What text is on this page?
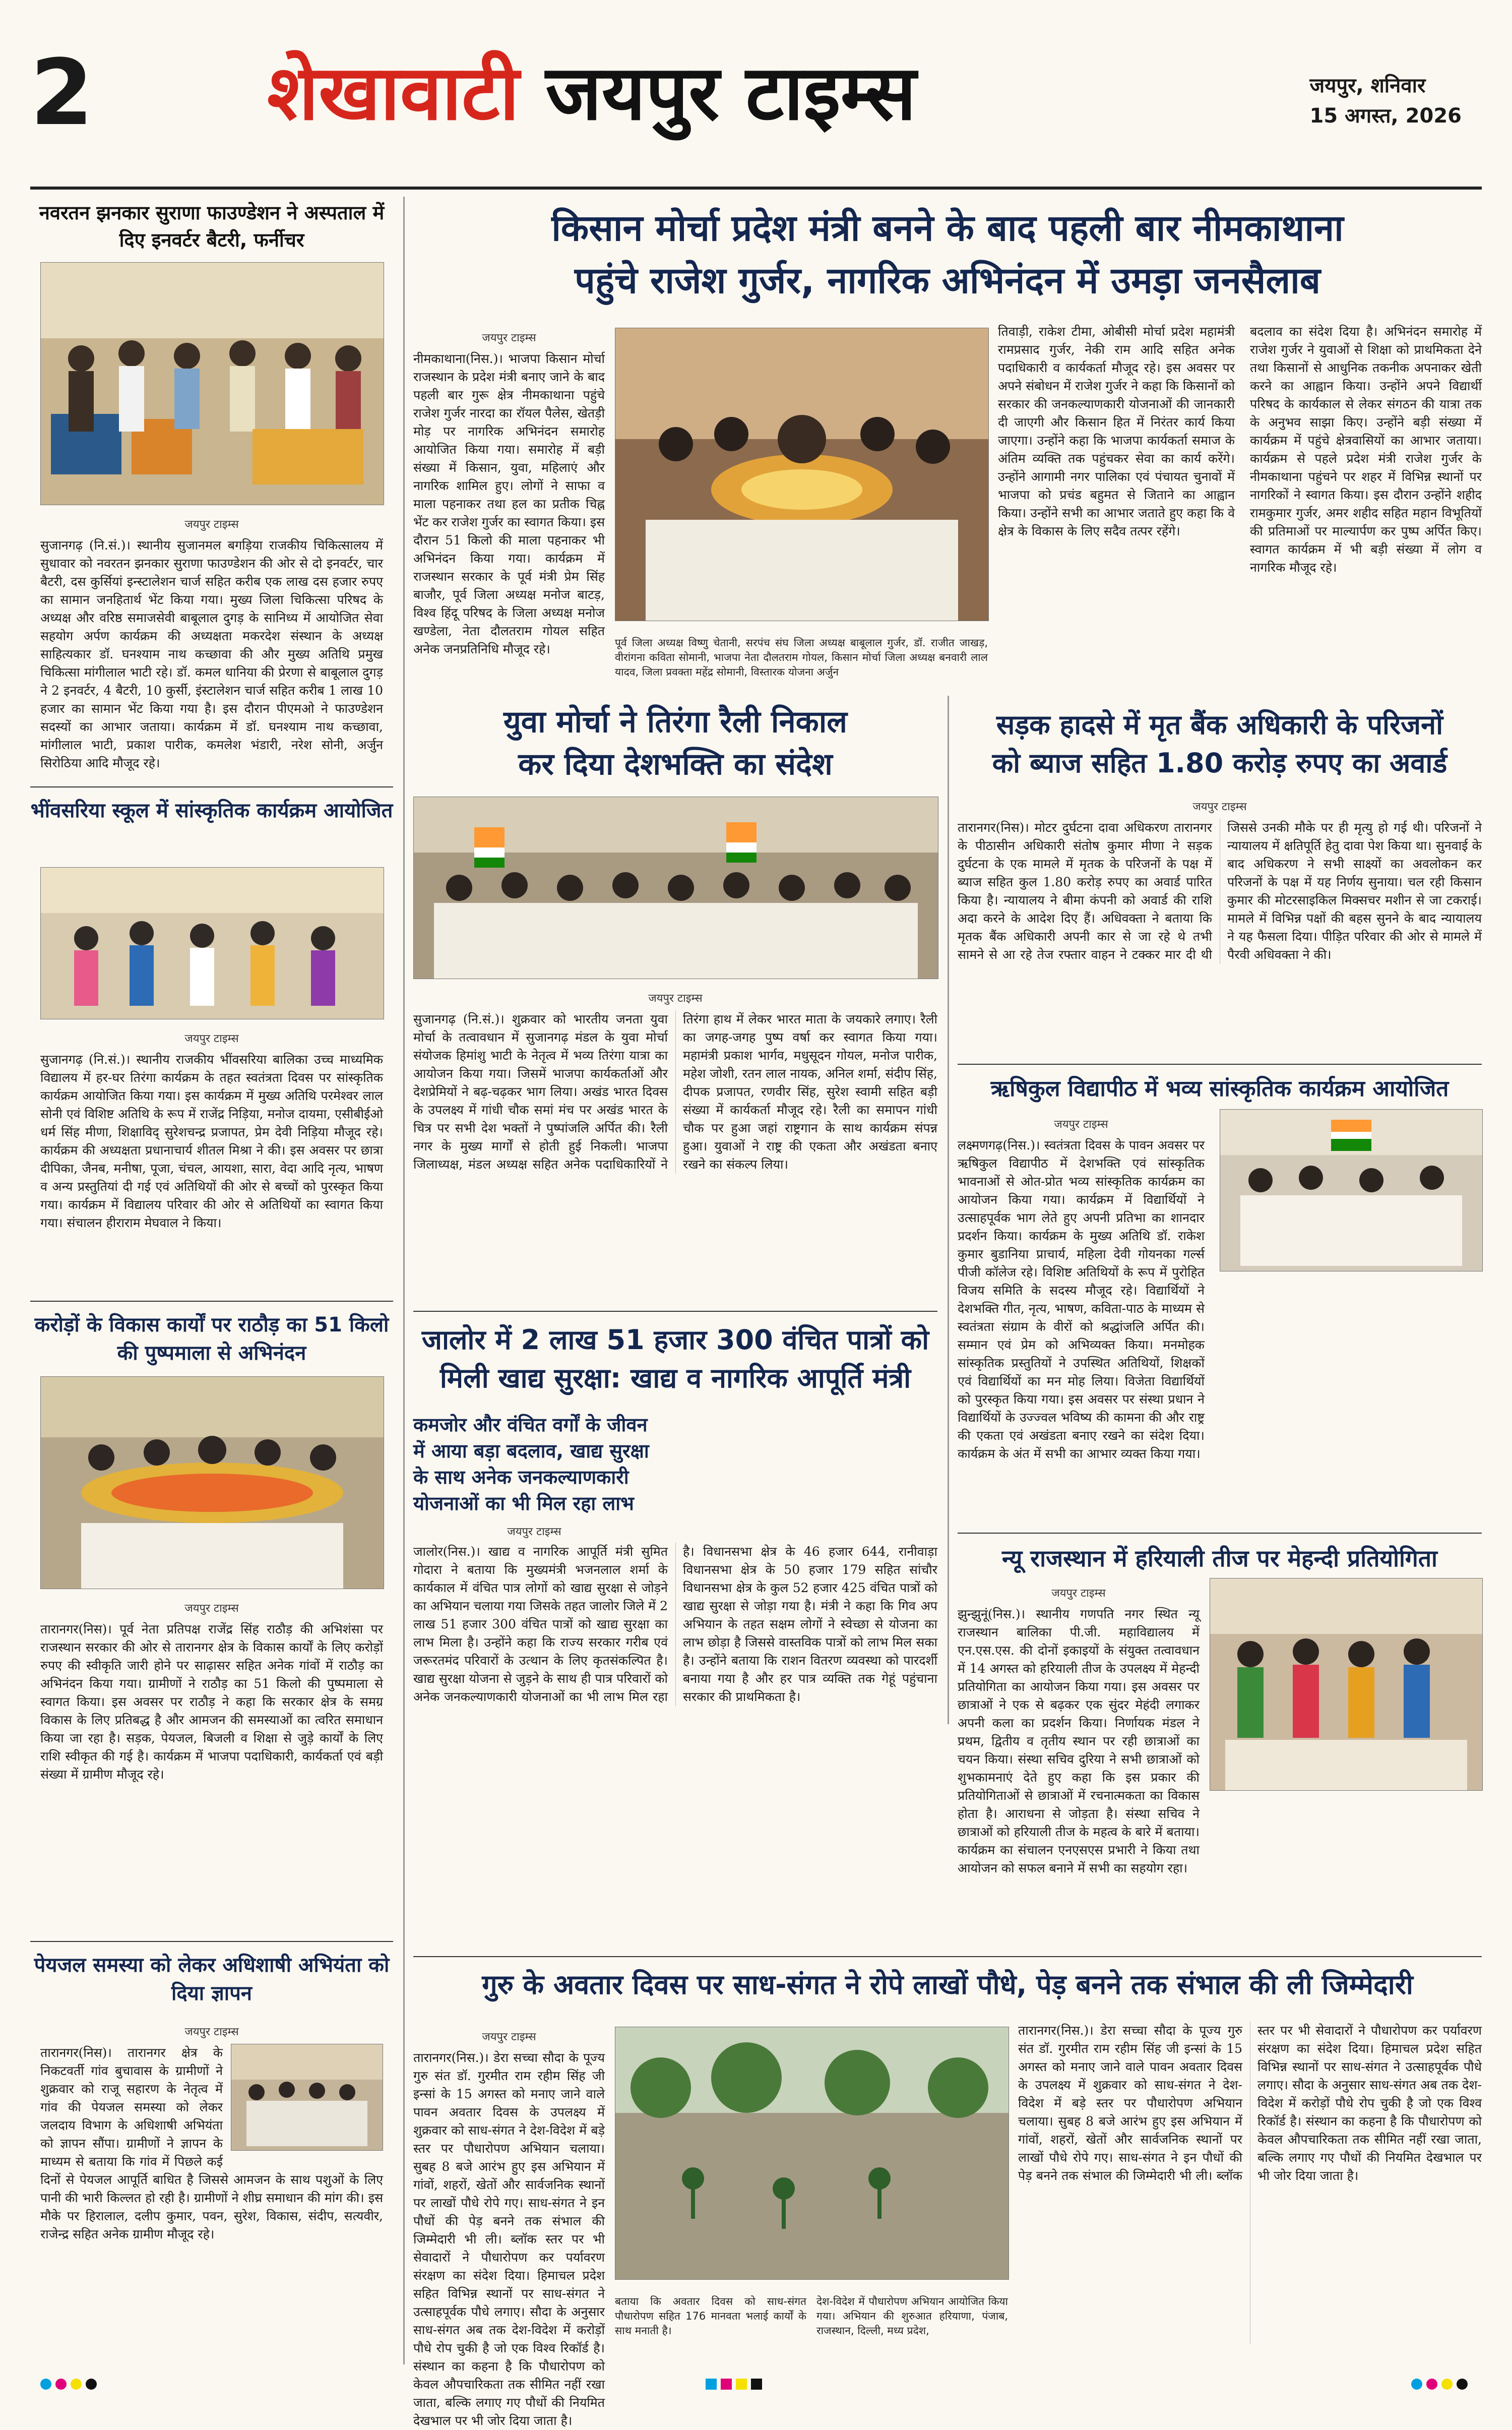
2 शेखावाटी जयपुर टाइम्स	जयपुर, शनिवार
15 अगस्त, 2026
नवरतन झनकार सुराणा फाउण्डेशन ने अस्पताल में दिए इनवर्टर बैटरी, फर्नीचर
जयपुर टाइम्स

सुजानगढ़ (नि.सं.)। स्थानीय सुजानमल बगड़िया राजकीय चिकित्सालय में सुधावार को नवरतन झनकार सुराणा फाउण्डेशन की ओर से दो इनवर्टर, चार बैटरी, दस कुर्सियां इन्स्टालेशन चार्ज सहित करीब एक लाख दस हजार रुपए का सामान जनहितार्थ भेंट किया गया। मुख्य जिला चिकित्सा परिषद के अध्यक्ष और वरिष्ठ समाजसेवी बाबूलाल दुगड़ के सानिध्य में आयोजित सेवा सहयोग अर्पण कार्यक्रम की अध्यक्षता मकरदेश संस्थान के अध्यक्ष साहित्यकार डॉ. घनश्याम नाथ कच्छावा की और मुख्य अतिथि प्रमुख चिकित्सा मांगीलाल भाटी रहे। डॉ. कमल धानिया की प्रेरणा से बाबूलाल दुगड़ ने 2 इनवर्टर, 4 बैटरी, 10 कुर्सी, इंस्टालेशन चार्ज सहित करीब 1 लाख 10 हजार का सामान भेंट किया गया है। इस दौरान पीएमओ ने फाउण्डेशन सदस्यों का आभार जताया। कार्यक्रम में डॉ. घनश्याम नाथ कच्छावा, मांगीलाल भाटी, प्रकाश पारीक, कमलेश भंडारी, नरेश सोनी, अर्जुन सिरोठिया आदि मौजूद रहे।

भींवसरिया स्कूल में सांस्कृतिक कार्यक्रम आयोजित
जयपुर टाइम्स

सुजानगढ़ (नि.सं.)। स्थानीय राजकीय भींवसरिया बालिका उच्च माध्यमिक विद्यालय में हर-घर तिरंगा कार्यक्रम के तहत स्वतंत्रता दिवस पर सांस्कृतिक कार्यक्रम आयोजित किया गया। इस कार्यक्रम में मुख्य अतिथि परमेश्वर लाल सोनी एवं विशिष्ट अतिथि के रूप में राजेंद्र निड़िया, मनोज दायमा, एसीबीईओ धर्म सिंह मीणा, शिक्षाविद् सुरेशचन्द्र प्रजापत, प्रेम देवी निड़िया मौजूद रहे। कार्यक्रम की अध्यक्षता प्रधानाचार्य शीतल मिश्रा ने की। इस अवसर पर छात्रा दीपिका, जैनब, मनीषा, पूजा, चंचल, आयशा, सारा, वेदा आदि नृत्य, भाषण व अन्य प्रस्तुतियां दी गई एवं अतिथियों की ओर से बच्चों को पुरस्कृत किया गया। कार्यक्रम में विद्यालय परिवार की ओर से अतिथियों का स्वागत किया गया। संचालन हीराराम मेघवाल ने किया।

करोड़ों के विकास कार्यों पर राठौड़ का 51 किलो की पुष्पमाला से अभिनंदन
जयपुर टाइम्स

तारानगर(निस)। पूर्व नेता प्रतिपक्ष राजेंद्र सिंह राठौड़ की अभिशंसा पर राजस्थान सरकार की ओर से तारानगर क्षेत्र के विकास कार्यों के लिए करोड़ों रुपए की स्वीकृति जारी होने पर साढ़ासर सहित अनेक गांवों में राठौड़ का अभिनंदन किया गया। ग्रामीणों ने राठौड़ का 51 किलो की पुष्पमाला से स्वागत किया। इस अवसर पर राठौड़ ने कहा कि सरकार क्षेत्र के समग्र विकास के लिए प्रतिबद्ध है और आमजन की समस्याओं का त्वरित समाधान किया जा रहा है। सड़क, पेयजल, बिजली व शिक्षा से जुड़े कार्यों के लिए राशि स्वीकृत की गई है। कार्यक्रम में भाजपा पदाधिकारी, कार्यकर्ता एवं बड़ी संख्या में ग्रामीण मौजूद रहे।

पेयजल समस्या को लेकर अधिशाषी अभियंता को दिया ज्ञापन
जयपुर टाइम्स

तारानगर(निस)। तारानगर क्षेत्र के निकटवर्ती गांव बुचावास के ग्रामीणों ने शुक्रवार को राजू सहारण के नेतृत्व में गांव की पेयजल समस्या को लेकर जलदाय विभाग के अधिशाषी अभियंता को ज्ञापन सौंपा। ग्रामीणों ने ज्ञापन के माध्यम से बताया कि गांव में पिछले कई दिनों से पेयजल आपूर्ति बाधित है जिससे आमजन के साथ पशुओं के लिए पानी की भारी किल्लत हो रही है। ग्रामीणों ने शीघ्र समाधान की मांग की। इस मौके पर हिरालाल, दलीप कुमार, पवन, सुरेश, विकास, संदीप, सत्यवीर, राजेन्द्र सहित अनेक ग्रामीण मौजूद रहे।

किसान मोर्चा प्रदेश मंत्री बनने के बाद पहली बार नीमकाथाना
पहुंचे राजेश गुर्जर, नागरिक अभिनंदन में उमड़ा जनसैलाब
जयपुर टाइम्स

नीमकाथाना(निस.)। भाजपा किसान मोर्चा राजस्थान के प्रदेश मंत्री बनाए जाने के बाद पहली बार गुरू क्षेत्र नीमकाथाना पहुंचे राजेश गुर्जर नारदा का रॉयल पैलेस, खेतड़ी मोड़ पर नागरिक अभिनंदन समारोह आयोजित किया गया। समारोह में बड़ी संख्या में किसान, युवा, महिलाएं और नागरिक शामिल हुए। लोगों ने साफा व माला पहनाकर तथा हल का प्रतीक चिह्न भेंट कर राजेश गुर्जर का स्वागत किया। इस दौरान 51 किलो की माला पहनाकर भी अभिनंदन किया गया। कार्यक्रम में राजस्थान सरकार के पूर्व मंत्री प्रेम सिंह बाजौर, पूर्व जिला अध्यक्ष मनोज बाटड़, विश्व हिंदू परिषद के जिला अध्यक्ष मनोज खण्डेला, नेता दौलतराम गोयल सहित अनेक जनप्रतिनिधि मौजूद रहे।	पूर्व जिला अध्यक्ष विष्णु चेतानी, सरपंच संघ जिला अध्यक्ष बाबूलाल गुर्जर, डॉ. राजीत जाखड़, वीरांगना कविता सोमानी, भाजपा नेता दौलतराम गोयल, किसान मोर्चा जिला अध्यक्ष बनवारी लाल यादव, जिला प्रवक्ता महेंद्र सोमानी, विस्तारक योजना अर्जुन

तिवाड़ी, राकेश टीमा, ओबीसी मोर्चा प्रदेश महामंत्री रामप्रसाद गुर्जर, नेकी राम आदि सहित अनेक पदाधिकारी व कार्यकर्ता मौजूद रहे। इस अवसर पर अपने संबोधन में राजेश गुर्जर ने कहा कि किसानों को सरकार की जनकल्याणकारी योजनाओं की जानकारी दी जाएगी और किसान हित में निरंतर कार्य किया जाएगा। उन्होंने कहा कि भाजपा कार्यकर्ता समाज के अंतिम व्यक्ति तक पहुंचकर सेवा का कार्य करेंगे। उन्होंने आगामी नगर पालिका एवं पंचायत चुनावों में भाजपा को प्रचंड बहुमत से जिताने का आह्वान किया। उन्होंने सभी का आभार जताते हुए कहा कि वे क्षेत्र के विकास के लिए सदैव तत्पर रहेंगे।

बदलाव का संदेश दिया है। अभिनंदन समारोह में राजेश गुर्जर ने युवाओं से शिक्षा को प्राथमिकता देने तथा किसानों से आधुनिक तकनीक अपनाकर खेती करने का आह्वान किया। उन्होंने अपने विद्यार्थी परिषद के कार्यकाल से लेकर संगठन की यात्रा तक के अनुभव साझा किए। उन्होंने बड़ी संख्या में कार्यक्रम में पहुंचे क्षेत्रवासियों का आभार जताया। कार्यक्रम से पहले प्रदेश मंत्री राजेश गुर्जर के नीमकाथाना पहुंचने पर शहर में विभिन्न स्थानों पर नागरिकों ने स्वागत किया। इस दौरान उन्होंने शहीद रामकुमार गुर्जर, अमर शहीद सहित महान विभूतियों की प्रतिमाओं पर माल्यार्पण कर पुष्प अर्पित किए। स्वागत कार्यक्रम में भी बड़ी संख्या में लोग व नागरिक मौजूद रहे।

युवा मोर्चा ने तिरंगा रैली निकाल
कर दिया देशभक्ति का संदेश
जयपुर टाइम्स

सुजानगढ़ (नि.सं.)। शुक्रवार को भारतीय जनता युवा मोर्चा के तत्वावधान में सुजानगढ़ मंडल के युवा मोर्चा संयोजक हिमांशु भाटी के नेतृत्व में भव्य तिरंगा यात्रा का आयोजन किया गया। जिसमें भाजपा कार्यकर्ताओं और देशप्रेमियों ने बढ़-चढ़कर भाग लिया। अखंड भारत दिवस के उपलक्ष्य में गांधी चौक समां मंच पर अखंड भारत के चित्र पर सभी देश भक्तों ने पुष्पांजलि अर्पित की। रैली नगर के मुख्य मार्गों से होती हुई निकली। भाजपा जिलाध्यक्ष, मंडल अध्यक्ष सहित अनेक पदाधिकारियों ने तिरंगा हाथ में लेकर भारत माता के जयकारे लगाए। रैली का जगह-जगह पुष्प वर्षा कर स्वागत किया गया। महामंत्री प्रकाश भार्गव, मधुसूदन गोयल, मनोज पारीक, महेश जोशी, रतन लाल नायक, अनिल शर्मा, संदीप सिंह, दीपक प्रजापत, रणवीर सिंह, सुरेश स्वामी सहित बड़ी संख्या में कार्यकर्ता मौजूद रहे। रैली का समापन गांधी चौक पर हुआ जहां राष्ट्रगान के साथ कार्यक्रम संपन्न हुआ। युवाओं ने राष्ट्र की एकता और अखंडता बनाए रखने का संकल्प लिया।

सड़क हादसे में मृत बैंक अधिकारी के परिजनों
को ब्याज सहित 1.80 करोड़ रुपए का अवार्ड
जयपुर टाइम्स

तारानगर(निस)। मोटर दुर्घटना दावा अधिकरण तारानगर के पीठासीन अधिकारी संतोष कुमार मीणा ने सड़क दुर्घटना के एक मामले में मृतक के परिजनों के पक्ष में ब्याज सहित कुल 1.80 करोड़ रुपए का अवार्ड पारित किया है। न्यायालय ने बीमा कंपनी को अवार्ड की राशि अदा करने के आदेश दिए हैं। अधिवक्ता ने बताया कि मृतक बैंक अधिकारी अपनी कार से जा रहे थे तभी सामने से आ रहे तेज रफ्तार वाहन ने टक्कर मार दी थी जिससे उनकी मौके पर ही मृत्यु हो गई थी। परिजनों ने न्यायालय में क्षतिपूर्ति हेतु दावा पेश किया था। सुनवाई के बाद अधिकरण ने सभी साक्ष्यों का अवलोकन कर परिजनों के पक्ष में यह निर्णय सुनाया। चल रही किसान कुमार की मोटरसाइकिल मिक्सचर मशीन से जा टकराई। मामले में विभिन्न पक्षों की बहस सुनने के बाद न्यायालय ने यह फैसला दिया। पीड़ित परिवार की ओर से मामले में पैरवी अधिवक्ता ने की।

ऋषिकुल विद्यापीठ में भव्य सांस्कृतिक कार्यक्रम आयोजित
जयपुर टाइम्स

लक्ष्मणगढ़(निस.)। स्वतंत्रता दिवस के पावन अवसर पर ऋषिकुल विद्यापीठ में देशभक्ति एवं सांस्कृतिक भावनाओं से ओत-प्रोत भव्य सांस्कृतिक कार्यक्रम का आयोजन किया गया। कार्यक्रम में विद्यार्थियों ने उत्साहपूर्वक भाग लेते हुए अपनी प्रतिभा का शानदार प्रदर्शन किया। कार्यक्रम के मुख्य अतिथि डॉ. राकेश कुमार बुडानिया प्राचार्य, महिला देवी गोयनका गर्ल्स पीजी कॉलेज रहे। विशिष्ट अतिथियों के रूप में पुरोहित विजय समिति के सदस्य मौजूद रहे। विद्यार्थियों ने देशभक्ति गीत, नृत्य, भाषण, कविता-पाठ के माध्यम से स्वतंत्रता संग्राम के वीरों को श्रद्धांजलि अर्पित की। सम्मान एवं प्रेम को अभिव्यक्त किया। मनमोहक सांस्कृतिक प्रस्तुतियों ने उपस्थित अतिथियों, शिक्षकों एवं विद्यार्थियों का मन मोह लिया। विजेता विद्यार्थियों को पुरस्कृत किया गया। इस अवसर पर संस्था प्रधान ने विद्यार्थियों के उज्ज्वल भविष्य की कामना की और राष्ट्र की एकता एवं अखंडता बनाए रखने का संदेश दिया। कार्यक्रम के अंत में सभी का आभार व्यक्त किया गया।

जालोर में 2 लाख 51 हजार 300 वंचित पात्रों को
मिली खाद्य सुरक्षा: खाद्य व नागरिक आपूर्ति मंत्री
कमजोर और वंचित वर्गों के जीवन में आया बड़ा बदलाव, खाद्य सुरक्षा के साथ अनेक जनकल्याणकारी योजनाओं का भी मिल रहा लाभ
जयपुर टाइम्स

जालोर(निस.)। खाद्य व नागरिक आपूर्ति मंत्री सुमित गोदारा ने बताया कि मुख्यमंत्री भजनलाल शर्मा के कार्यकाल में वंचित पात्र लोगों को खाद्य सुरक्षा से जोड़ने का अभियान चलाया गया जिसके तहत जालोर जिले में 2 लाख 51 हजार 300 वंचित पात्रों को खाद्य सुरक्षा का लाभ मिला है। उन्होंने कहा कि राज्य सरकार गरीब एवं जरूरतमंद परिवारों के उत्थान के लिए कृतसंकल्पित है। खाद्य सुरक्षा योजना से जुड़ने के साथ ही पात्र परिवारों को अनेक जनकल्याणकारी योजनाओं का भी लाभ मिल रहा है। विधानसभा क्षेत्र के 46 हजार 644, रानीवाड़ा विधानसभा क्षेत्र के 50 हजार 179 सहित सांचौर विधानसभा क्षेत्र के कुल 52 हजार 425 वंचित पात्रों को खाद्य सुरक्षा से जोड़ा गया है। मंत्री ने कहा कि गिव अप अभियान के तहत सक्षम लोगों ने स्वेच्छा से योजना का लाभ छोड़ा है जिससे वास्तविक पात्रों को लाभ मिल सका है। उन्होंने बताया कि राशन वितरण व्यवस्था को पारदर्शी बनाया गया है और हर पात्र व्यक्ति तक गेहूं पहुंचाना सरकार की प्राथमिकता है।

न्यू राजस्थान में हरियाली तीज पर मेहन्दी प्रतियोगिता
जयपुर टाइम्स

झुन्झुनूं(निस.)। स्थानीय गणपति नगर स्थित न्यू राजस्थान बालिका पी.जी. महाविद्यालय में एन.एस.एस. की दोनों इकाइयों के संयुक्त तत्वावधान में 14 अगस्त को हरियाली तीज के उपलक्ष्य में मेहन्दी प्रतियोगिता का आयोजन किया गया। इस अवसर पर छात्राओं ने एक से बढ़कर एक सुंदर मेहंदी लगाकर अपनी कला का प्रदर्शन किया। निर्णायक मंडल ने प्रथम, द्वितीय व तृतीय स्थान पर रही छात्राओं का चयन किया। संस्था सचिव दुरिया ने सभी छात्राओं को शुभकामनाएं देते हुए कहा कि इस प्रकार की प्रतियोगिताओं से छात्राओं में रचनात्मकता का विकास होता है। आराधना से जोड़ता है। संस्था सचिव ने छात्राओं को हरियाली तीज के महत्व के बारे में बताया। कार्यक्रम का संचालन एनएसएस प्रभारी ने किया तथा आयोजन को सफल बनाने में सभी का सहयोग रहा।

गुरु के अवतार दिवस पर साध-संगत ने रोपे लाखों पौधे, पेड़ बनने तक संभाल की ली जिम्मेदारी
जयपुर टाइम्स

तारानगर(निस.)। डेरा सच्चा सौदा के पूज्य गुरु संत डॉ. गुरमीत राम रहीम सिंह जी इन्सां के 15 अगस्त को मनाए जाने वाले पावन अवतार दिवस के उपलक्ष्य में शुक्रवार को साध-संगत ने देश-विदेश में बड़े स्तर पर पौधारोपण अभियान चलाया। सुबह 8 बजे आरंभ हुए इस अभियान में गांवों, शहरों, खेतों और सार्वजनिक स्थानों पर लाखों पौधे रोपे गए। साध-संगत ने इन पौधों की पेड़ बनने तक संभाल की जिम्मेदारी भी ली। ब्लॉक स्तर पर भी सेवादारों ने पौधारोपण कर पर्यावरण संरक्षण का संदेश दिया। हिमाचल प्रदेश सहित विभिन्न स्थानों पर साध-संगत ने उत्साहपूर्वक पौधे लगाए। सौदा के अनुसार साध-संगत अब तक देश-विदेश में करोड़ों पौधे रोप चुकी है जो एक विश्व रिकॉर्ड है। संस्थान का कहना है कि पौधारोपण को केवल औपचारिकता तक सीमित नहीं रखा जाता, बल्कि लगाए गए पौधों की नियमित देखभाल पर भी जोर दिया जाता है।

बताया कि अवतार दिवस को साध-संगत पौधारोपण सहित 176 मानवता भलाई कार्यों के साथ मनाती है।

देश-विदेश में पौधारोपण अभियान आयोजित किया गया। अभियान की शुरुआत हरियाणा, पंजाब, राजस्थान, दिल्ली, मध्य प्रदेश,

तारानगर(निस.)। डेरा सच्चा सौदा के पूज्य गुरु संत डॉ. गुरमीत राम रहीम सिंह जी इन्सां के 15 अगस्त को मनाए जाने वाले पावन अवतार दिवस के उपलक्ष्य में शुक्रवार को साध-संगत ने देश-विदेश में बड़े स्तर पर पौधारोपण अभियान चलाया। सुबह 8 बजे आरंभ हुए इस अभियान में गांवों, शहरों, खेतों और सार्वजनिक स्थानों पर लाखों पौधे रोपे गए। साध-संगत ने इन पौधों की पेड़ बनने तक संभाल की जिम्मेदारी भी ली। ब्लॉक स्तर पर भी सेवादारों ने पौधारोपण कर पर्यावरण संरक्षण का संदेश दिया। हिमाचल प्रदेश सहित विभिन्न स्थानों पर साध-संगत ने उत्साहपूर्वक पौधे लगाए। सौदा के अनुसार साध-संगत अब तक देश-विदेश में करोड़ों पौधे रोप चुकी है जो एक विश्व रिकॉर्ड है। संस्थान का कहना है कि पौधारोपण को केवल औपचारिकता तक सीमित नहीं रखा जाता, बल्कि लगाए गए पौधों की नियमित देखभाल पर भी जोर दिया जाता है।
